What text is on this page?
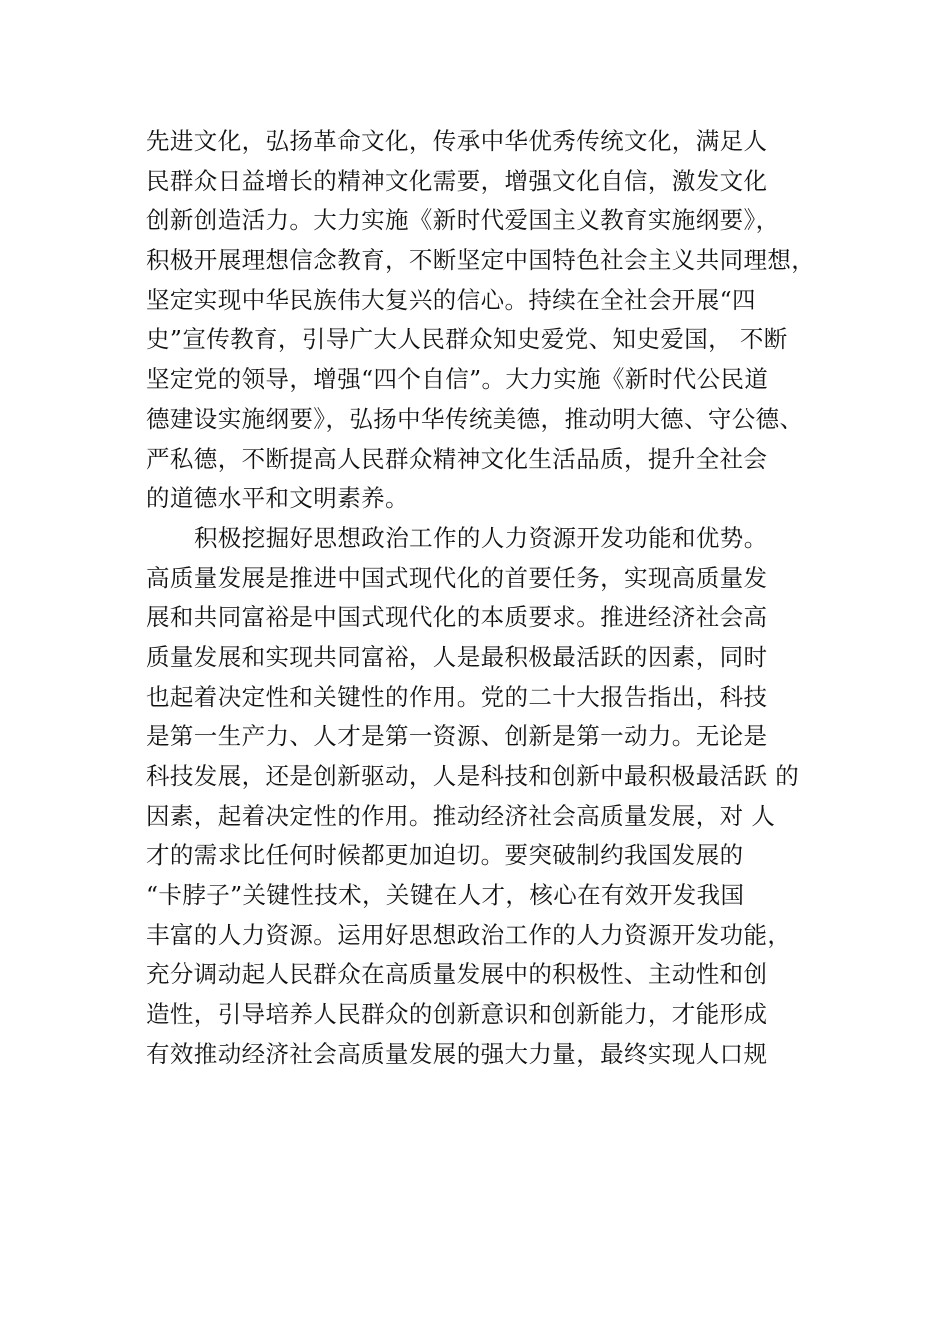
先进文化，弘扬革命文化，传承中华优秀传统文化，满足人
民群众日益增长的精神文化需要，增强文化自信，激发文化
创新创造活力。大力实施《新时代爱国主义教育实施纲要》，
积极开展理想信念教育，不断坚定中国特色社会主义共同理想，
坚定实现中华民族伟大复兴的信心。持续在全社会开展“四
史”宣传教育，引导广大人民群众知史爱党、知史爱国， 不断
坚定党的领导，增强“四个自信”。大力实施《新时代公民道
德建设实施纲要》，弘扬中华传统美德，推动明大德、守公德、
严私德，不断提高人民群众精神文化生活品质，提升全社会
的道德水平和文明素养。
积极挖掘好思想政治工作的人力资源开发功能和优势。
高质量发展是推进中国式现代化的首要任务，实现高质量发
展和共同富裕是中国式现代化的本质要求。推进经济社会高
质量发展和实现共同富裕，人是最积极最活跃的因素，同时
也起着决定性和关键性的作用。党的二十大报告指出，科技
是第一生产力、人才是第一资源、创新是第一动力。无论是
科技发展，还是创新驱动，人是科技和创新中最积极最活跃 的
因素，起着决定性的作用。推动经济社会高质量发展，对 人
才的需求比任何时候都更加迫切。要突破制约我国发展的
“卡脖子”关键性技术，关键在人才，核心在有效开发我国
丰富的人力资源。运用好思想政治工作的人力资源开发功能，
充分调动起人民群众在高质量发展中的积极性、主动性和创
造性，引导培养人民群众的创新意识和创新能力，才能形成
有效推动经济社会高质量发展的强大力量，最终实现人口规
